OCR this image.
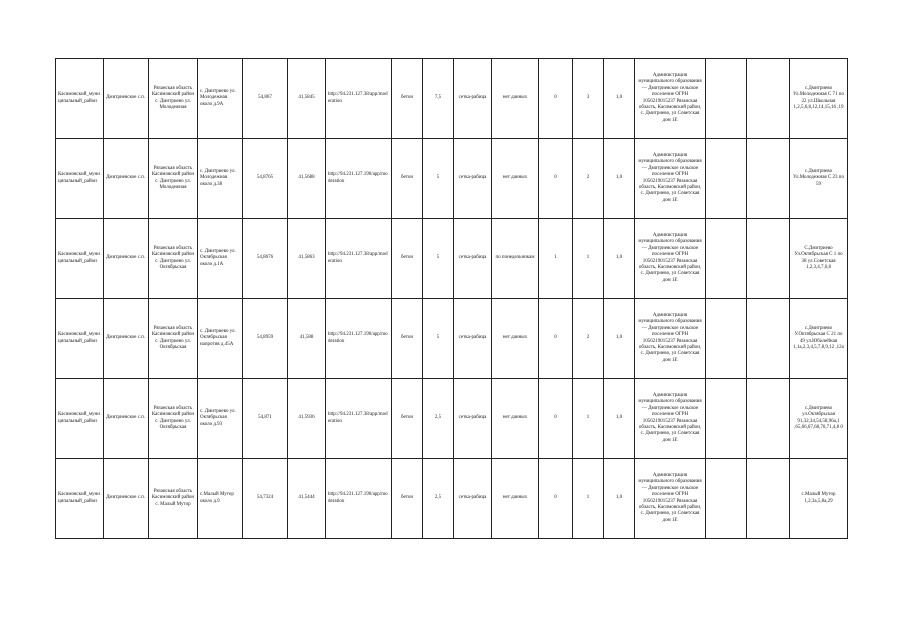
Касимовский_муниципальный_район	Дмитриевское с.п.	Рязанская область Касимовский район с. Дмитриево ул. Молодежная	с. Дмитриево ул. Молодежная около д.9А	54,867	41,5845	http://94.231.127.38/app/moderation	бетон	7,5	сетка-рабица	нет данных	0	3	1,0	Администрация муниципального образования — Дмитриевское сельское поселение ОГРН 1056219015237 Рязанская область, Касимовский район, с. Дмитриево, ул Советская дом 1Е			с.Дмитриево Ул.Молодежная С 71 по 22 ул.Школьная 1,2,5,6,8,12,14,15,16 ,19
Касимовский_муниципальный_район	Дмитриевское с.п.	Рязанская область Касимовский район с. Дмитриево ул. Молодежная	с. Дмитриево ул. Молодежная около д.38	54,8765	41,5688	http://94.231.127.190/app/moderation	бетон	5	сетка-рабица	нет данных	0	2	1,0	Администрация муниципального образования — Дмитриевское сельское поселение ОГРН 1056219015237 Рязанская область, Касимовский район, с. Дмитриево, ул Советская дом 1Е			с.Дмитриево Ул.Молодежная С 23 по 59
Касимовский_муниципальный_район	Дмитриевское с.п.	Рязанская область Касимовский район с. Дмитриево ул. Октябрьская	с. Дмитриево ул. Октябрьская около д.1А	54,8676	41,5863	http://94.231.127.38/app/moderation	бетон	5	сетка-рабица	по понедельникам	1	1	1,0	Администрация муниципального образования — Дмитриевское сельское поселение ОГРН 1056219015237 Рязанская область, Касимовский район, с. Дмитриево, ул Советская дом 1Е			С.Дмитриево Ул.Октябрьская С 1 по 38 ул.Советская 1,2,3,4,7,6,8
Касимовский_муниципальный_район	Дмитриевское с.п.	Рязанская область Касимовский район с. Дмитриево ул. Октябрьская	с. Дмитриево ул. Октябрьская напротив д.45А	54,8959	41,588	http://94.231.127.190/app/moderation	бетон	5	сетка-рабица	нет данных	0	2	1,0	Администрация муниципального образования — Дмитриевское сельское поселение ОГРН 1056219015237 Рязанская область, Касимовский район, с. Дмитриево, ул Советская дом 1Е			с.Дмитриево У.Октябрьская С 21 по 49 ул.Юбилейная 1,1а,2,3,4,5,7,8,9,12 ,12а
Касимовский_муниципальный_район	Дмитриевское с.п.	Рязанская область Касимовский район с. Дмитриево ул. Октябрьская	с. Дмитриево ул. Октябрьская около д.93	54,871	41,5936	http://94.231.127.38/app/moderation	бетон	2,5	сетка-рабица	нет данных	0	1	1,0	Администрация муниципального образования — Дмитриевское сельское поселение ОГРН 1056219015237 Рязанская область, Касимовский район, с. Дмитриево, ул Советская дом 1Е			с.Дмитриево ул.Октябрьская 91,32,34,54,58,96а,1 ,65,66,67,68,70,71,4,8 0
Касимовский_муниципальный_район	Дмитриевское с.п.	Рязанская область Касимовский район с. Малый Мутор	с.Малый Мутор около д.9	54,7324	41,5444	http://94.231.127.190/app/moderation	бетон	2,5	сетка-рабица	нет данных	0	1	1,0	Администрация муниципального образования — Дмитриевское сельское поселение ОГРН 1056219015237 Рязанская область, Касимовский район, с. Дмитриево, ул Советская дом 1Е			с.Малый Мутор 1,2,3а,5,8а,29
